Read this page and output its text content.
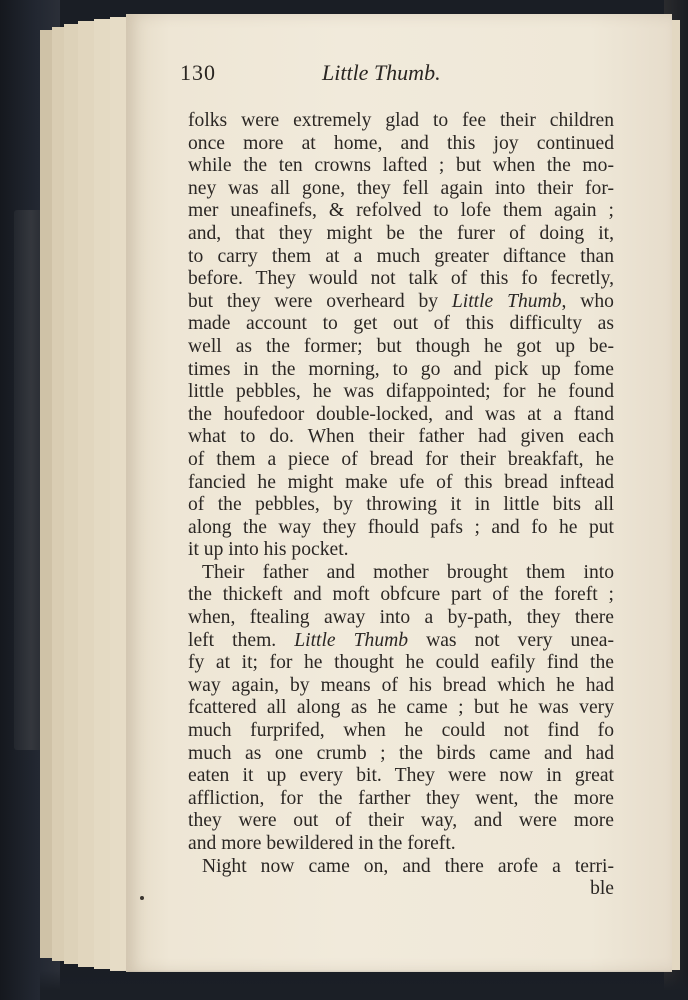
130	Little Thumb.
folks were extremely glad to fee their children
once more at home, and this joy continued
while the ten crowns lafted ; but when the mo-
ney was all gone, they fell again into their for-
mer uneafinefs, & refolved to lofe them again ;
and, that they might be the furer of doing it,
to carry them at a much greater diftance than
before. They would not talk of this fo fecretly,
but they were overheard by Little Thumb, who
made account to get out of this difficulty as
well as the former; but though he got up be-
times in the morning, to go and pick up fome
little pebbles, he was difappointed; for he found
the houfedoor double-locked, and was at a ftand
what to do. When their father had given each
of them a piece of bread for their breakfaft, he
fancied he might make ufe of this bread inftead
of the pebbles, by throwing it in little bits all
along the way they fhould pafs ; and fo he put
it up into his pocket.
Their father and mother brought them into
the thickeft and moft obfcure part of the foreft ;
when, ftealing away into a by-path, they there
left them. Little Thumb was not very unea-
fy at it; for he thought he could eafily find the
way again, by means of his bread which he had
fcattered all along as he came ; but he was very
much furprifed, when he could not find fo
much as one crumb ; the birds came and had
eaten it up every bit. They were now in great
affliction, for the farther they went, the more
they were out of their way, and were more
and more bewildered in the foreft.
Night now came on, and there arofe a terri-
ble
